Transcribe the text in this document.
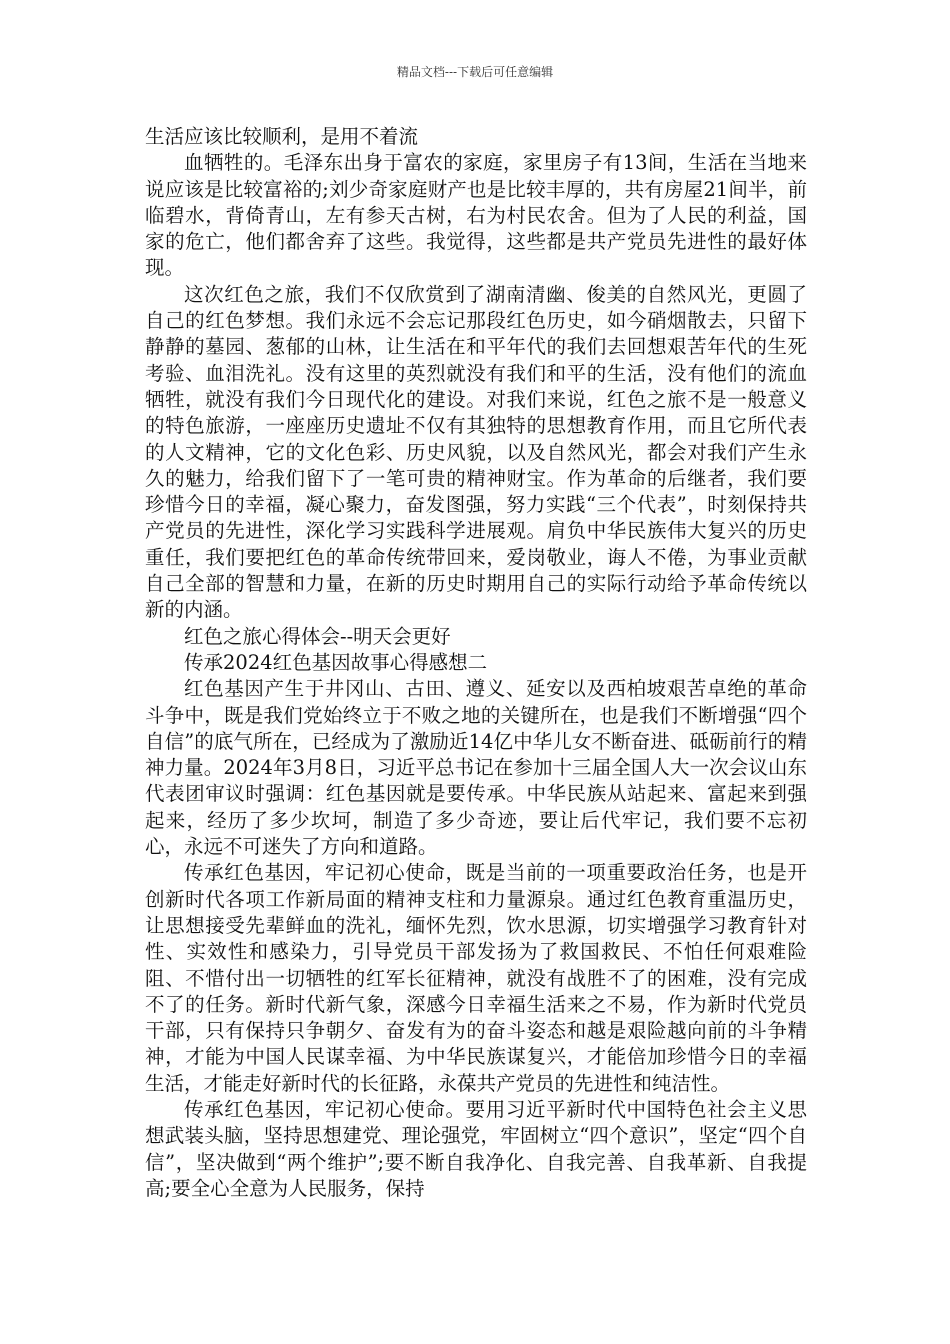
精品文档---下载后可任意编辑

生活应该比较顺利，是用不着流

血牺牲的。毛泽东出身于富农的家庭，家里房子有13间，生活在当地来说应该是比较富裕的;刘少奇家庭财产也是比较丰厚的，共有房屋21间半，前临碧水，背倚青山，左有参天古树，右为村民农舍。但为了人民的利益，国家的危亡，他们都舍弃了这些。我觉得，这些都是共产党员先进性的最好体现。

这次红色之旅，我们不仅欣赏到了湖南清幽、俊美的自然风光，更圆了自己的红色梦想。我们永远不会忘记那段红色历史，如今硝烟散去，只留下静静的墓园、葱郁的山林，让生活在和平年代的我们去回想艰苦年代的生死考验、血泪洗礼。没有这里的英烈就没有我们和平的生活，没有他们的流血牺牲，就没有我们今日现代化的建设。对我们来说，红色之旅不是一般意义的特色旅游，一座座历史遗址不仅有其独特的思想教育作用，而且它所代表的人文精神，它的文化色彩、历史风貌，以及自然风光，都会对我们产生永久的魅力，给我们留下了一笔可贵的精神财宝。作为革命的后继者，我们要珍惜今日的幸福，凝心聚力，奋发图强，努力实践“三个代表”，时刻保持共产党员的先进性，深化学习实践科学进展观。肩负中华民族伟大复兴的历史重任，我们要把红色的革命传统带回来，爱岗敬业，诲人不倦，为事业贡献自己全部的智慧和力量，在新的历史时期用自己的实际行动给予革命传统以新的内涵。

红色之旅心得体会--明天会更好

传承2024红色基因故事心得感想二

红色基因产生于井冈山、古田、遵义、延安以及西柏坡艰苦卓绝的革命斗争中，既是我们党始终立于不败之地的关键所在，也是我们不断增强“四个自信”的底气所在，已经成为了激励近14亿中华儿女不断奋进、砥砺前行的精神力量。2024年3月8日，习近平总书记在参加十三届全国人大一次会议山东代表团审议时强调：红色基因就是要传承。中华民族从站起来、富起来到强起来，经历了多少坎坷，制造了多少奇迹，要让后代牢记，我们要不忘初心，永远不可迷失了方向和道路。

传承红色基因，牢记初心使命，既是当前的一项重要政治任务，也是开创新时代各项工作新局面的精神支柱和力量源泉。通过红色教育重温历史，让思想接受先辈鲜血的洗礼，缅怀先烈，饮水思源，切实增强学习教育针对性、实效性和感染力，引导党员干部发扬为了救国救民、不怕任何艰难险阻、不惜付出一切牺牲的红军长征精神，就没有战胜不了的困难，没有完成不了的任务。新时代新气象，深感今日幸福生活来之不易，作为新时代党员干部，只有保持只争朝夕、奋发有为的奋斗姿态和越是艰险越向前的斗争精神，才能为中国人民谋幸福、为中华民族谋复兴，才能倍加珍惜今日的幸福生活，才能走好新时代的长征路，永葆共产党员的先进性和纯洁性。

传承红色基因，牢记初心使命。要用习近平新时代中国特色社会主义思想武装头脑，坚持思想建党、理论强党，牢固树立“四个意识”，坚定“四个自信”，坚决做到“两个维护”;要不断自我净化、自我完善、自我革新、自我提高;要全心全意为人民服务，保持
